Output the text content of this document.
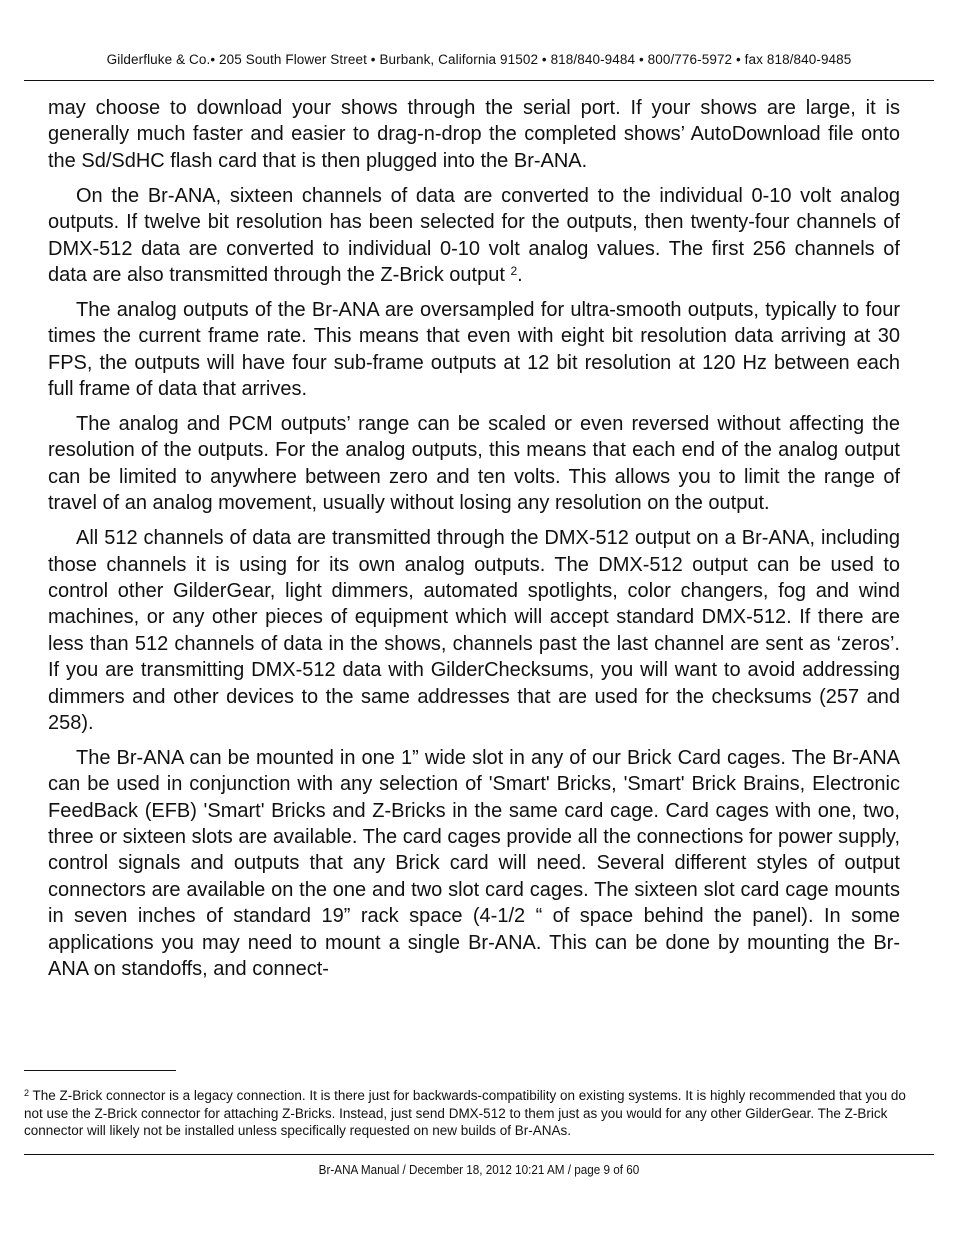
Gilderfluke & Co.• 205 South Flower Street • Burbank, California 91502 • 818/840-9484 • 800/776-5972 • fax 818/840-9485

may choose to download your shows through the serial port. If your shows are large, it is generally much faster and easier to drag-n-drop the completed shows’ AutoDownload file onto the Sd/SdHC flash card that is then plugged into the Br-ANA.

On the Br-ANA, sixteen channels of data are converted to the individual 0-10 volt analog outputs. If twelve bit resolution has been selected for the outputs, then twenty-four channels of DMX-512 data are converted to individual 0-10 volt analog values. The first 256 channels of data are also transmitted through the Z-Brick output $^2$.

The analog outputs of the Br-ANA are oversampled for ultra-smooth outputs, typically to four times the current frame rate. This means that even with eight bit resolution data arriving at 30 FPS, the outputs will have four sub-frame outputs at 12 bit resolution at 120 Hz between each full frame of data that arrives.

The analog and PCM outputs’ range can be scaled or even reversed without affecting the resolution of the outputs. For the analog outputs, this means that each end of the analog output can be limited to anywhere between zero and ten volts. This allows you to limit the range of travel of an analog movement, usually without losing any resolution on the output.

All 512 channels of data are transmitted through the DMX-512 output on a Br-ANA, including those channels it is using for its own analog outputs. The DMX-512 output can be used to control other GilderGear, light dimmers, automated spotlights, color changers, fog and wind machines, or any other pieces of equipment which will accept standard DMX-512. If there are less than 512 channels of data in the shows, channels past the last channel are sent as ‘zeros’. If you are transmitting DMX-512 data with GilderChecksums, you will want to avoid addressing dimmers and other devices to the same addresses that are used for the checksums (257 and 258).

The Br-ANA can be mounted in one 1” wide slot in any of our Brick Card cages. The Br-ANA can be used in conjunction with any selection of 'Smart' Bricks, 'Smart' Brick Brains, Electronic FeedBack (EFB) 'Smart' Bricks and Z-Bricks in the same card cage. Card cages with one, two, three or sixteen slots are available. The card cages provide all the connections for power supply, control signals and outputs that any Brick card will need. Several different styles of output connectors are available on the one and two slot card cages. The sixteen slot card cage mounts in seven inches of standard 19” rack space (4-1/2 “ of space behind the panel). In some applications you may need to mount a single Br-ANA. This can be done by mounting the Br-ANA on standoffs, and connect-

$^2$ The Z-Brick connector is a legacy connection. It is there just for backwards-compatibility on existing systems. It is highly recommended that you do not use the Z-Brick connector for attaching Z-Bricks. Instead, just send DMX-512 to them just as you would for any other GilderGear. The Z-Brick connector will likely not be installed unless specifically requested on new builds of Br-ANAs.
Br-ANA Manual / December 18, 2012 10:21 AM / page 9 of 60
